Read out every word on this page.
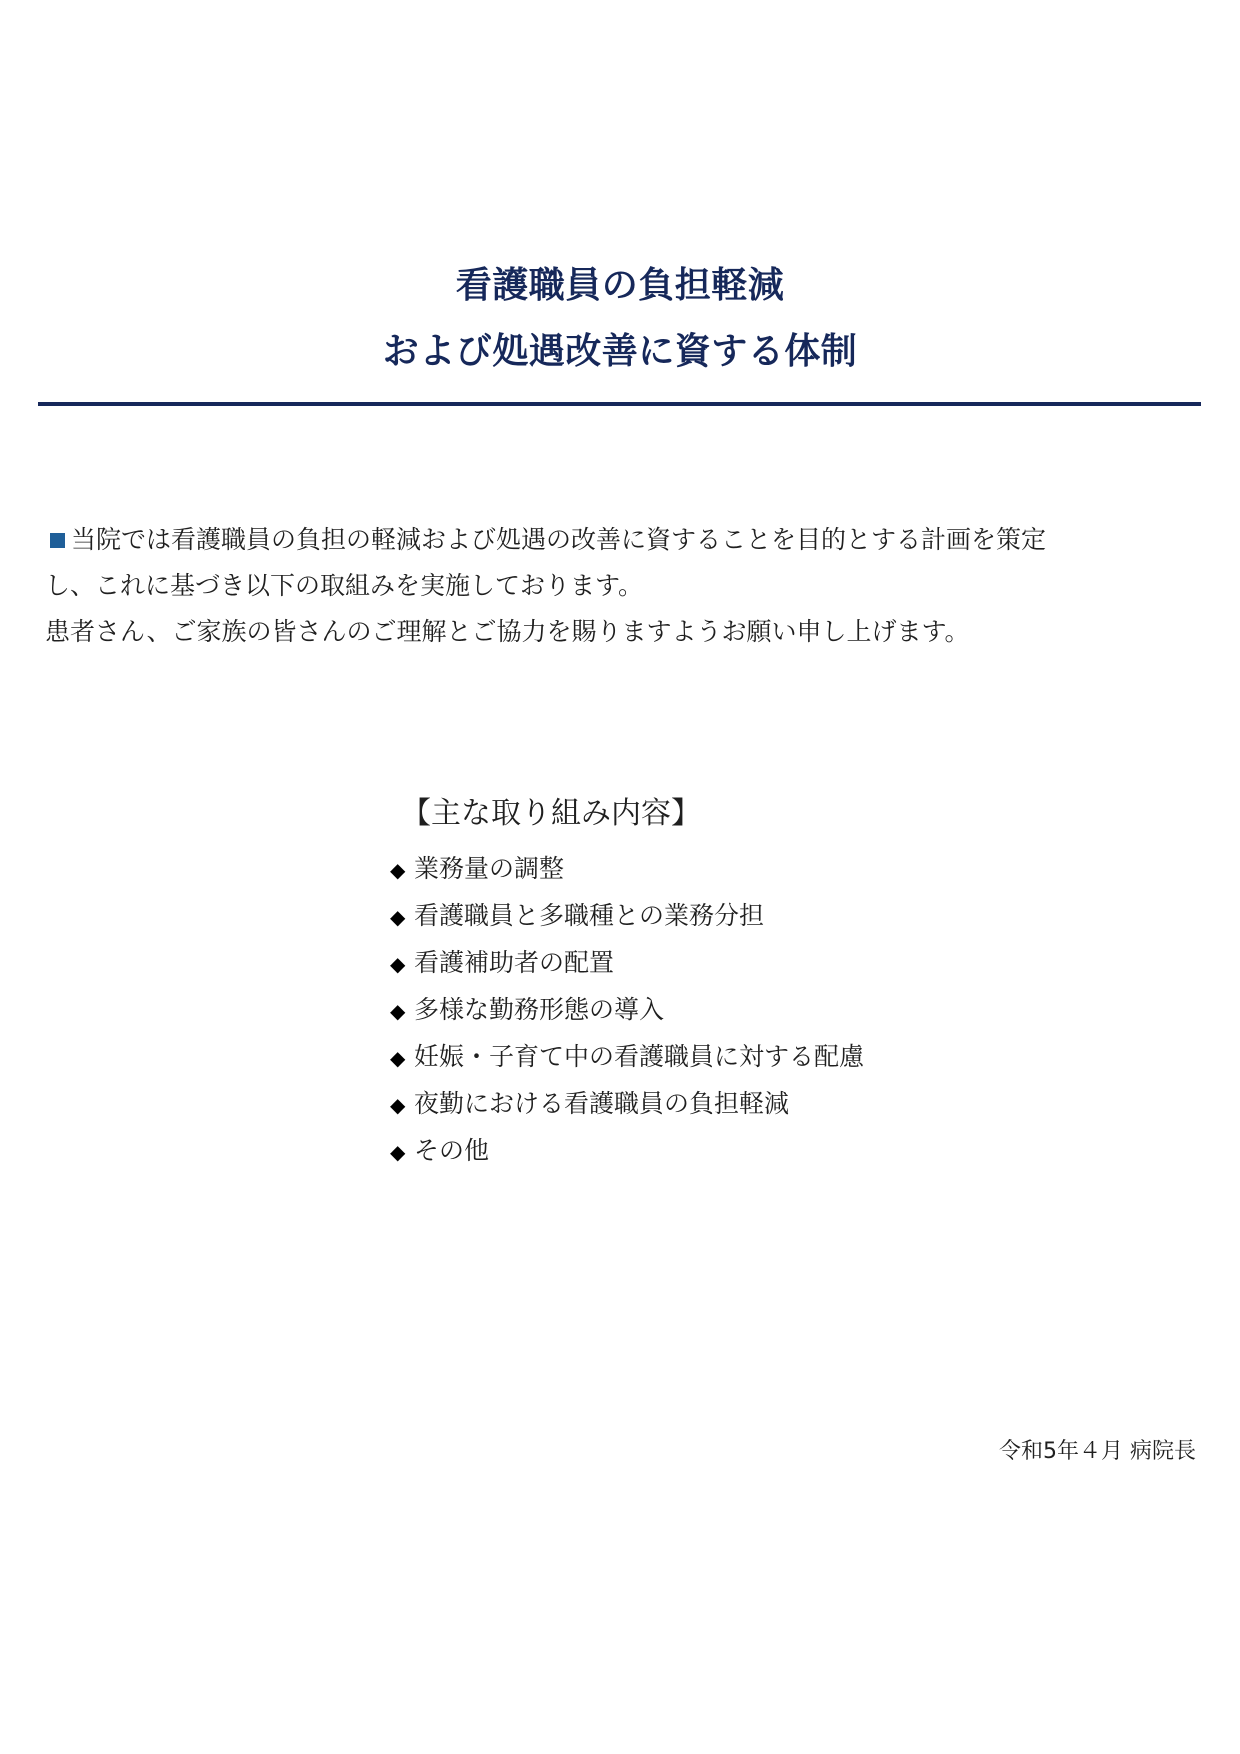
看護職員の負担軽減
および処遇改善に資する体制
当院では看護職員の負担の軽減および処遇の改善に資することを目的とする計画を策定
し、これに基づき以下の取組みを実施しております。
患者さん、ご家族の皆さんのご理解とご協力を賜りますようお願い申し上げます。
【主な取り組み内容】
◆ 業務量の調整
◆ 看護職員と多職種との業務分担
◆ 看護補助者の配置
◆ 多様な勤務形態の導入
◆ 妊娠・子育て中の看護職員に対する配慮
◆ 夜勤における看護職員の負担軽減
◆ その他
令和5年４月 病院長
